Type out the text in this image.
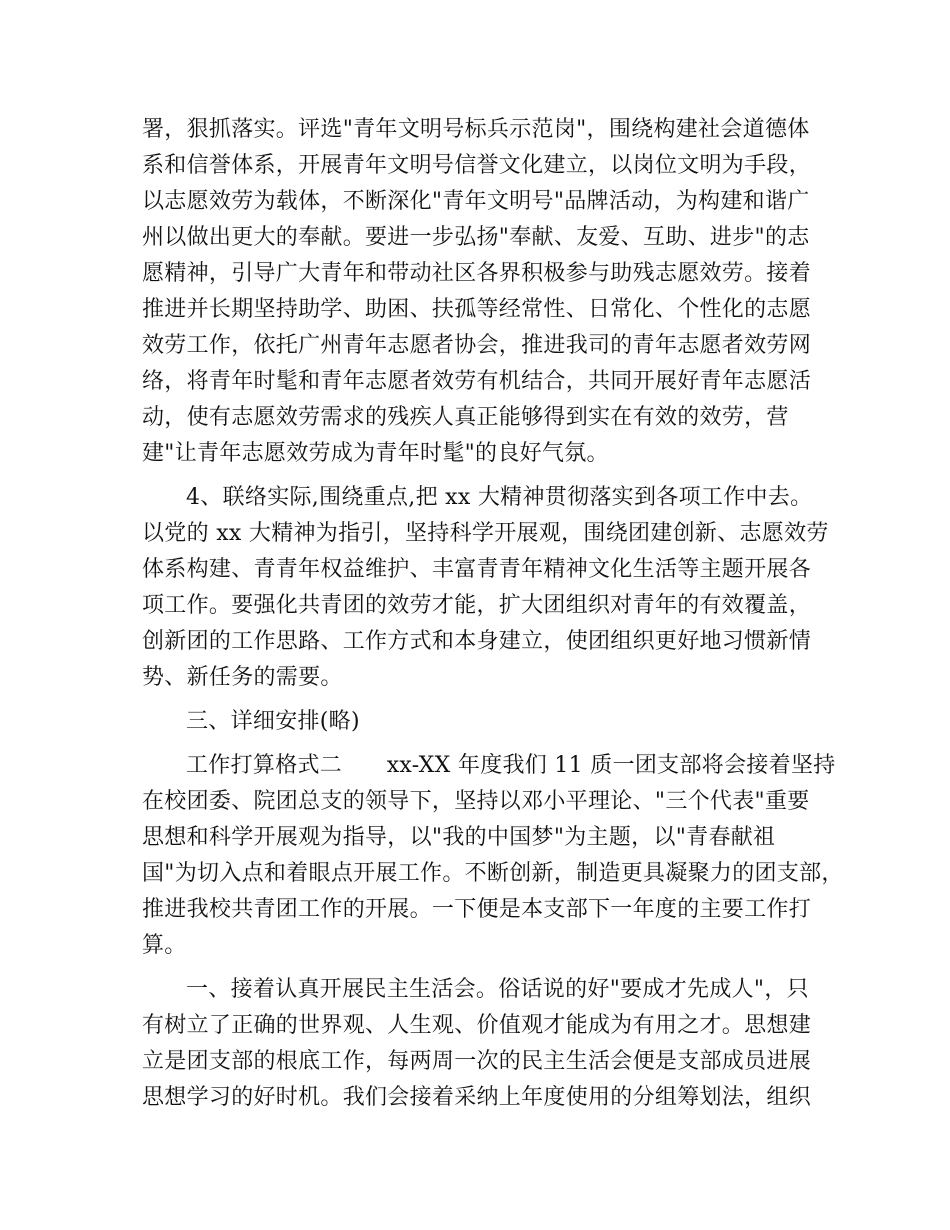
署，狠抓落实。评选"青年文明号标兵示范岗"，围绕构建社会道德体
系和信誉体系，开展青年文明号信誉文化建立，以岗位文明为手段，
以志愿效劳为载体，不断深化"青年文明号"品牌活动，为构建和谐广
州以做出更大的奉献。要进一步弘扬"奉献、友爱、互助、进步"的志
愿精神，引导广大青年和带动社区各界积极参与助残志愿效劳。接着
推进并长期坚持助学、助困、扶孤等经常性、日常化、个性化的志愿
效劳工作，依托广州青年志愿者协会，推进我司的青年志愿者效劳网
络，将青年时髦和青年志愿者效劳有机结合，共同开展好青年志愿活
动，使有志愿效劳需求的残疾人真正能够得到实在有效的效劳，营
建"让青年志愿效劳成为青年时髦"的良好气氛。
4、联络实际,围绕重点,把 xx 大精神贯彻落实到各项工作中去。
以党的 xx 大精神为指引，坚持科学开展观，围绕团建创新、志愿效劳
体系构建、青青年权益维护、丰富青青年精神文化生活等主题开展各
项工作。要强化共青团的效劳才能，扩大团组织对青年的有效覆盖，
创新团的工作思路、工作方式和本身建立，使团组织更好地习惯新情
势、新任务的需要。
三、详细安排(略)
工作打算格式二　　xx-XX 年度我们 11 质一团支部将会接着坚持
在校团委、院团总支的领导下，坚持以邓小平理论、"三个代表"重要
思想和科学开展观为指导，以"我的中国梦"为主题，以"青春献祖
国"为切入点和着眼点开展工作。不断创新，制造更具凝聚力的团支部，
推进我校共青团工作的开展。一下便是本支部下一年度的主要工作打
算。
一、接着认真开展民主生活会。俗话说的好"要成才先成人"，只
有树立了正确的世界观、人生观、价值观才能成为有用之才。思想建
立是团支部的根底工作，每两周一次的民主生活会便是支部成员进展
思想学习的好时机。我们会接着采纳上年度使用的分组筹划法，组织
